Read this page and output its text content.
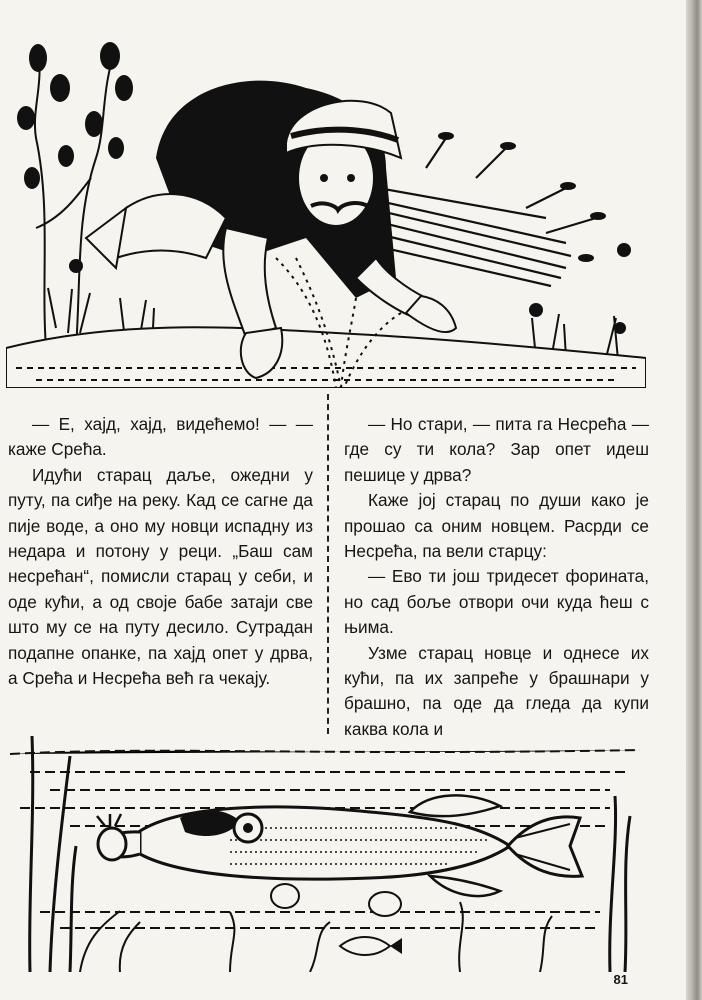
— Е, хајд, хајд, видећемо! — — каже Срећа.

Идући старац даље, ожедни у путу, па сиђе на реку. Кад се сагне да пије воде, а оно му новци испадну из недара и потону у реци. „Баш сам несрећан“, помисли старац у себи, и оде кући, а од своје бабе затаји све што му се на путу десило. Сутрадан подапне опанке, па хајд опет у дрва, а Срећа и Несрећа већ га чекају.

— Но стари, — пита га Несрећа — где су ти кола? Зар опет идеш пешице у дрва?

Каже јој старац по души како је прошао са оним новцем. Расрди се Несрећа, па вели старцу:

— Ево ти још тридесет форината, но сад боље отвори очи куда ћеш с њима.

Узме старац новце и однесе их кући, па их запреће у брашнари у брашно, па оде да гледа да купи каква кола и

81
